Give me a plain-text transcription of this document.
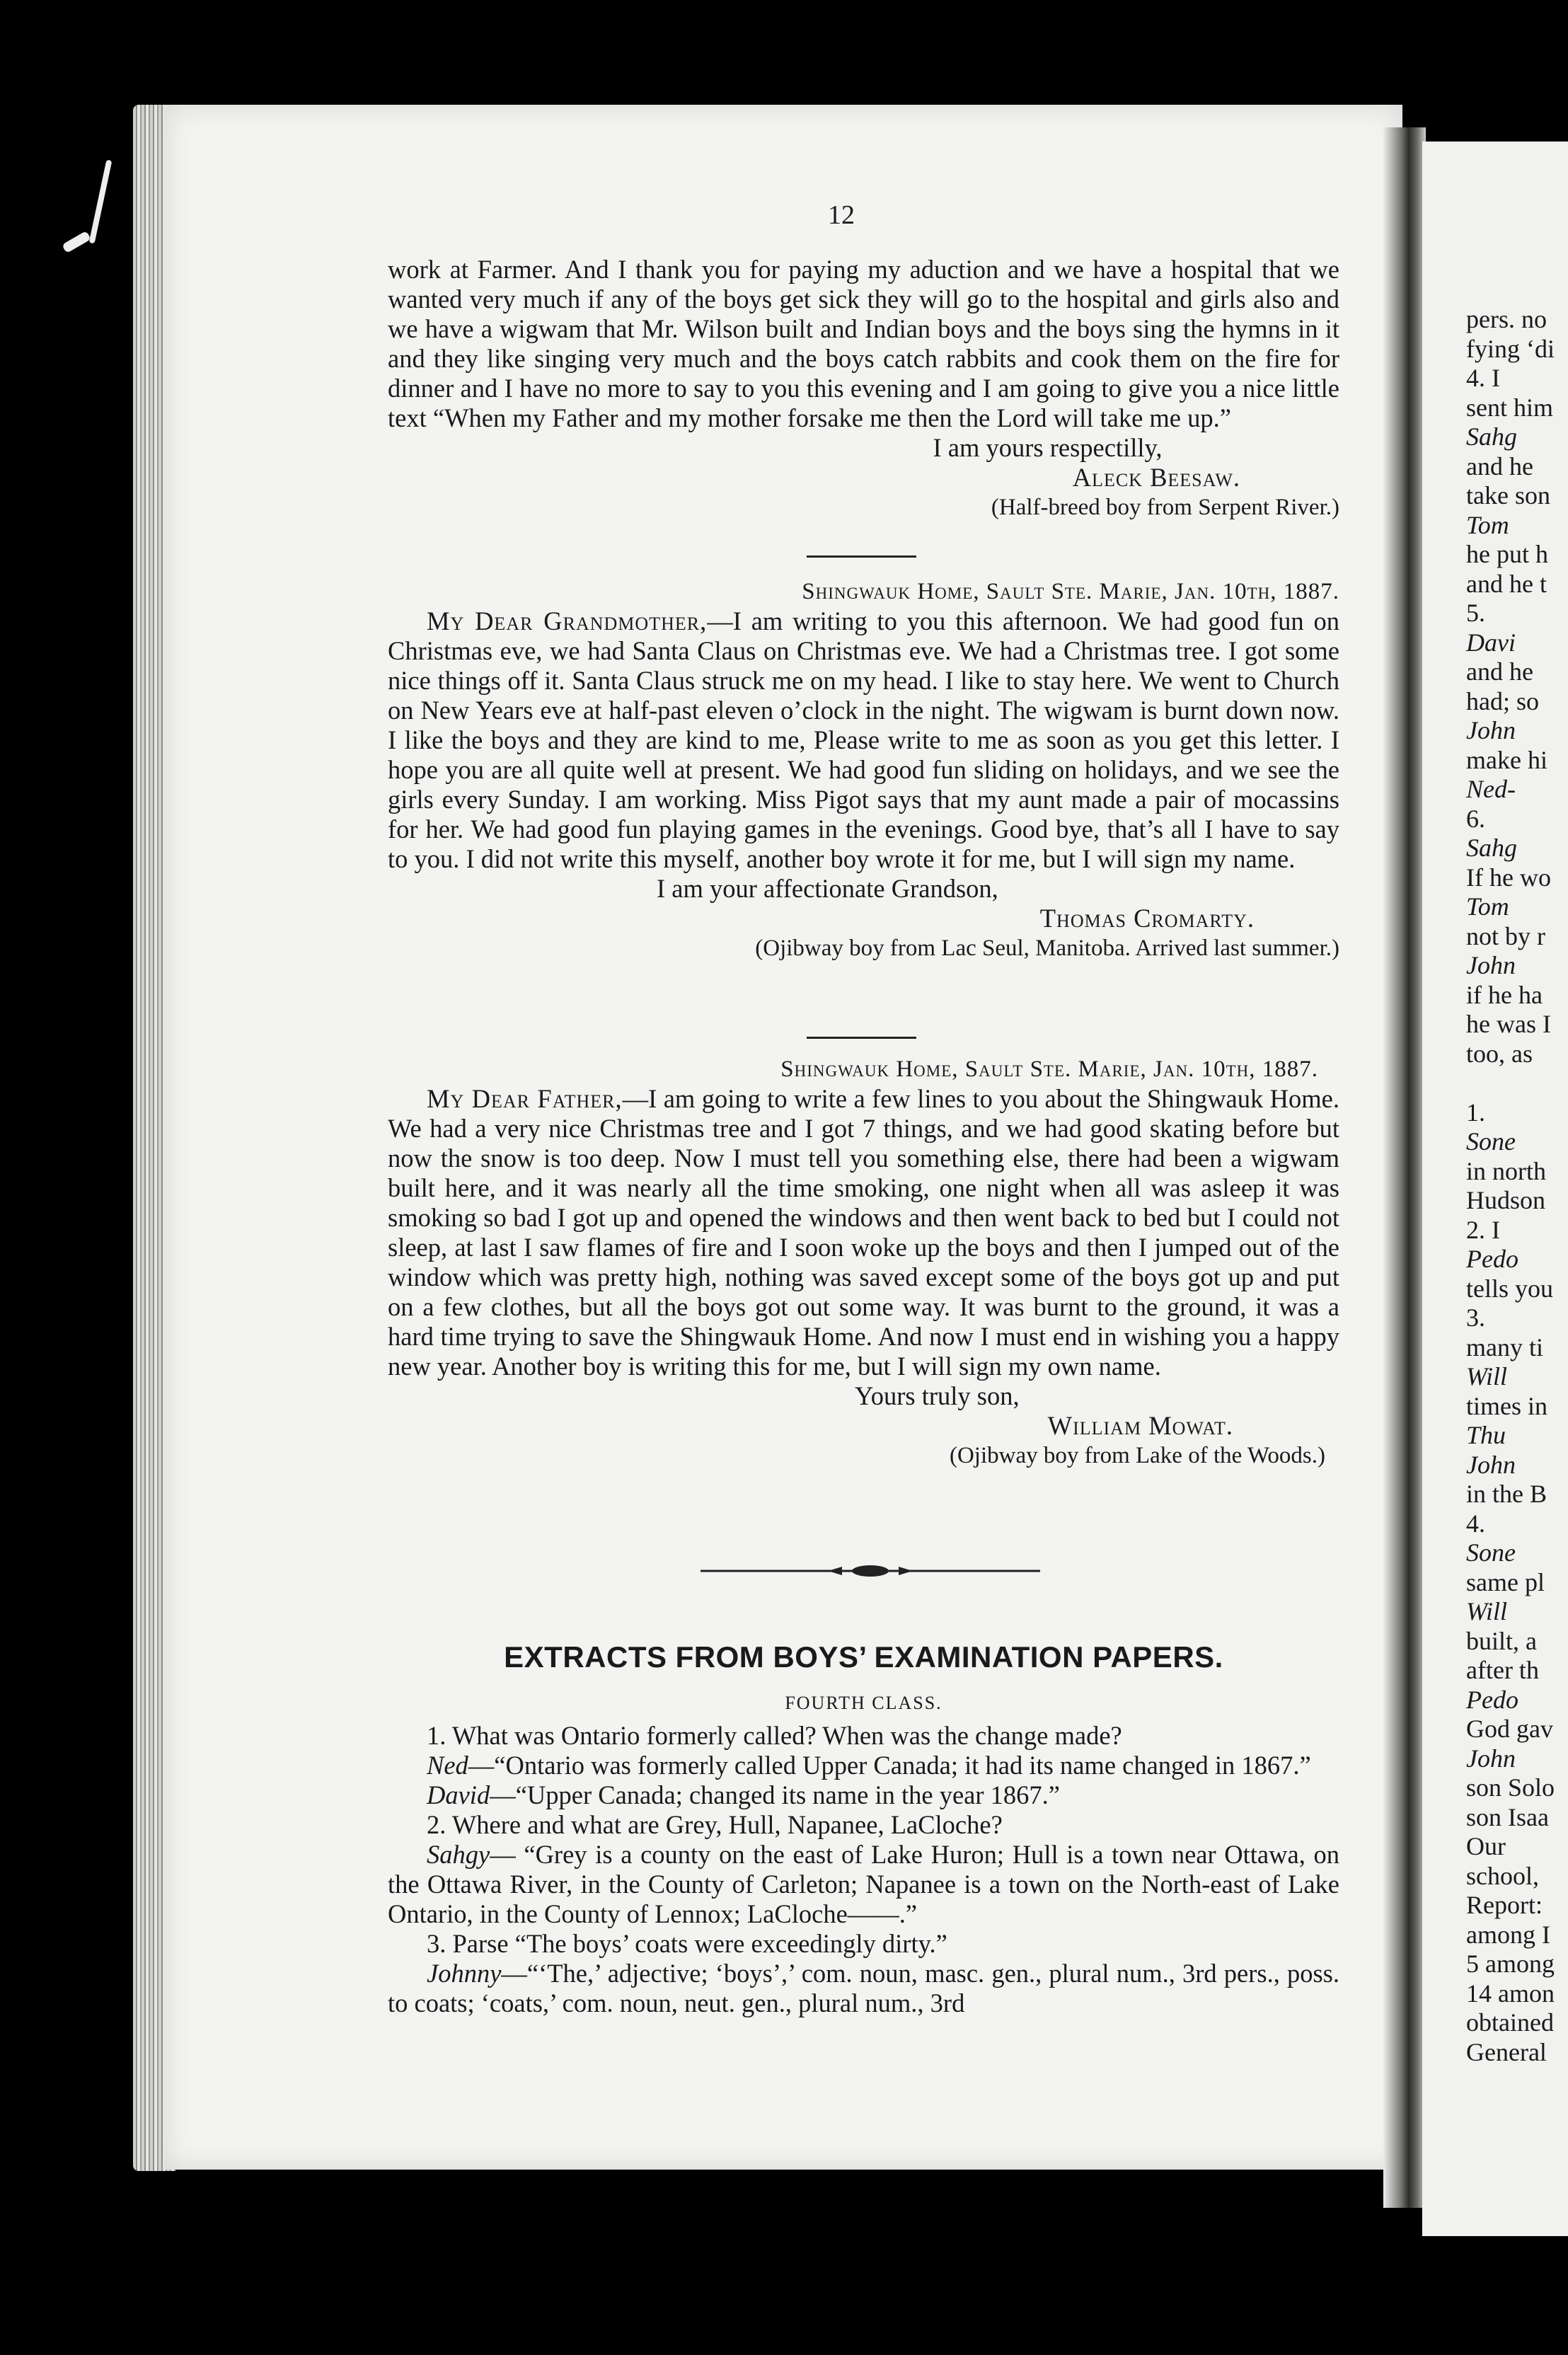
12

work at Farmer. And I thank you for paying my aduction and we have a hospital that we wanted very much if any of the boys get sick they will go to the hospital and girls also and we have a wigwam that Mr. Wilson built and Indian boys and the boys sing the hymns in it and they like singing very much and the boys catch rabbits and cook them on the fire for dinner and I have no more to say to you this evening and I am going to give you a nice little text “When my Father and my mother forsake me then the Lord will take me up.”

I am yours respectilly,

Aleck Beesaw.

(Half-breed boy from Serpent River.)

Shingwauk Home, Sault Ste. Marie, Jan. 10th, 1887.

My Dear Grandmother,—I am writing to you this afternoon. We had good fun on Christmas eve, we had Santa Claus on Christmas eve. We had a Christmas tree. I got some nice things off it. Santa Claus struck me on my head. I like to stay here. We went to Church on New Years eve at half-past eleven o’clock in the night. The wigwam is burnt down now. I like the boys and they are kind to me, Please write to me as soon as you get this letter. I hope you are all quite well at present. We had good fun sliding on holidays, and we see the girls every Sunday. I am working. Miss Pigot says that my aunt made a pair of mocassins for her. We had good fun playing games in the evenings. Good bye, that’s all I have to say to you. I did not write this myself, another boy wrote it for me, but I will sign my name.

I am your affectionate Grandson,

Thomas Cromarty.

(Ojibway boy from Lac Seul, Manitoba. Arrived last summer.)

Shingwauk Home, Sault Ste. Marie, Jan. 10th, 1887.

My Dear Father,—I am going to write a few lines to you about the Shingwauk Home. We had a very nice Christmas tree and I got 7 things, and we had good skating before but now the snow is too deep. Now I must tell you something else, there had been a wigwam built here, and it was nearly all the time smoking, one night when all was asleep it was smoking so bad I got up and opened the windows and then went back to bed but I could not sleep, at last I saw flames of fire and I soon woke up the boys and then I jumped out of the window which was pretty high, nothing was saved except some of the boys got up and put on a few clothes, but all the boys got out some way. It was burnt to the ground, it was a hard time trying to save the Shingwauk Home. And now I must end in wishing you a happy new year. Another boy is writing this for me, but I will sign my own name.

Yours truly son,

William Mowat.

(Ojibway boy from Lake of the Woods.)

EXTRACTS FROM BOYS’ EXAMINATION PAPERS.
FOURTH CLASS.

1. What was Ontario formerly called? When was the change made?

Ned—“Ontario was formerly called Upper Canada; it had its name changed in 1867.”

David—“Upper Canada; changed its name in the year 1867.”

2. Where and what are Grey, Hull, Napanee, LaCloche?

Sahgy— “Grey is a county on the east of Lake Huron; Hull is a town near Ottawa, on the Ottawa River, in the County of Carleton; Napanee is a town on the North-east of Lake Ontario, in the County of Lennox; LaCloche——.”

3. Parse “The boys’ coats were exceedingly dirty.”

Johnny—“‘The,’ adjective; ‘boys’,’ com. noun, masc. gen., plural num., 3rd pers., poss. to coats; ‘coats,’ com. noun, neut. gen., plural num., 3rd

pers. no
fying ‘di
4. I
sent him
Sahg
and he
take son
Tom
he put h
and he t
5.
Davi
and he
had; so
John
make hi
Ned-
6.
Sahg
If he wo
Tom
not by r
John
if he ha
he was I
too, as
1.
Sone
in north
Hudson
2. I
Pedo
tells you
3.
many ti
Will
times in
Thu
John
in the B
4.
Sone
same pl
Will
built, a
after th
Pedo
God gav
John
son Solo
son Isaa
Our
school,
Report:
among I
5 among
14 amon
obtained
General
